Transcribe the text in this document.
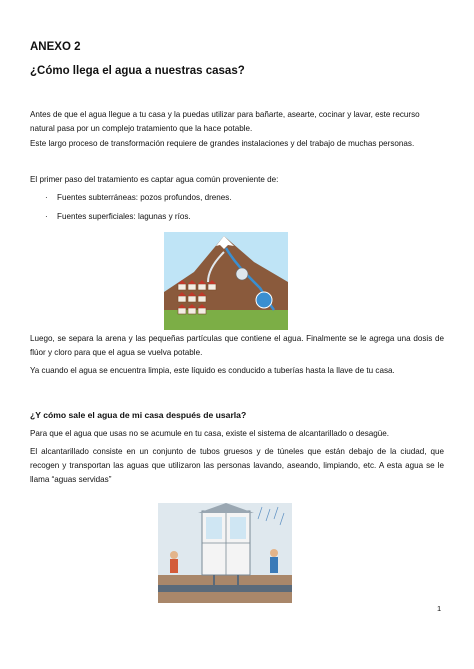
ANEXO 2
¿Cómo llega el agua a nuestras casas?
Antes de que el agua llegue a tu casa y la puedas utilizar para bañarte, asearte, cocinar y lavar, este recurso natural pasa por un complejo tratamiento que la hace potable.
Este largo proceso de transformación requiere de grandes instalaciones y del trabajo de muchas personas.
El primer paso del tratamiento es captar agua común proveniente de:
· Fuentes subterráneas: pozos profundos, drenes.
· Fuentes superficiales: lagunas y ríos.
Luego, se separa la arena y las pequeñas partículas que contiene el agua. Finalmente se le agrega una dosis de flúor y cloro para que el agua se vuelva potable.
Ya cuando el agua se encuentra limpia, este líquido es conducido a tuberías hasta la llave de tu casa.
¿Y cómo sale el agua de mi casa después de usarla?
Para que el agua que usas no se acumule en tu casa, existe el sistema de alcantarillado o desagüe.
El alcantarillado consiste en un conjunto de tubos gruesos y de túneles que están debajo de la ciudad, que recogen y transportan las aguas que utilizaron las personas lavando, aseando, limpiando, etc. A esta agua se le llama “aguas servidas”
1
